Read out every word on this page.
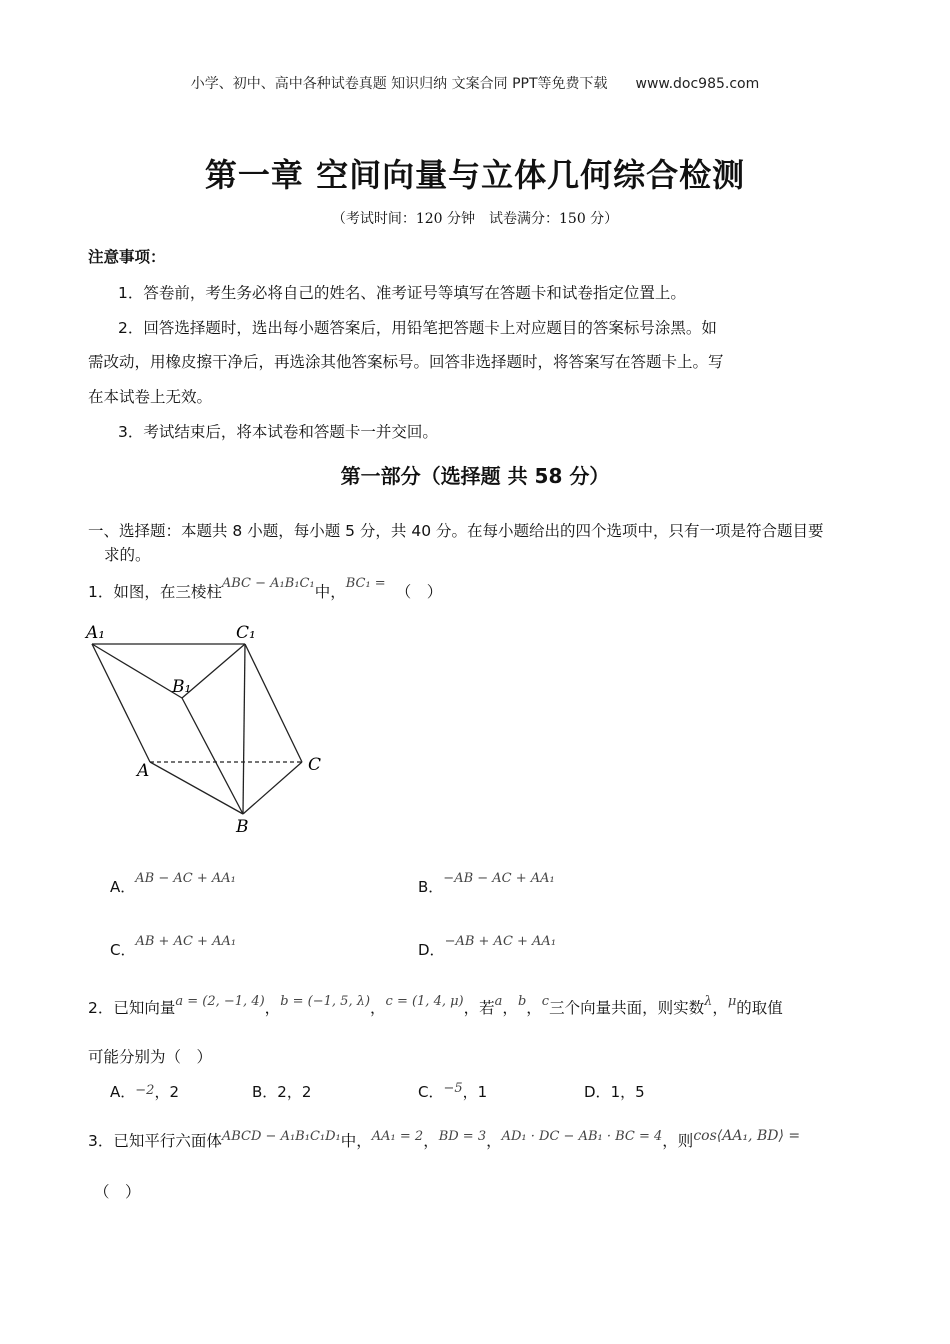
小学、初中、高中各种试卷真题 知识归纳 文案合同 PPT等免费下载 www.doc985.com
第一章 空间向量与立体几何综合检测
（考试时间：120 分钟　试卷满分：150 分）
注意事项：
1．答卷前，考生务必将自己的姓名、准考证号等填写在答题卡和试卷指定位置上。
2．回答选择题时，选出每小题答案后，用铅笔把答题卡上对应题目的答案标号涂黑。如
需改动，用橡皮擦干净后，再选涂其他答案标号。回答非选择题时，将答案写在答题卡上。写
在本试卷上无效。
3．考试结束后，将本试卷和答题卡一并交回。
第一部分（选择题 共 58 分）
一、选择题：本题共 8 小题，每小题 5 分，共 40 分。在每小题给出的四个选项中，只有一项是符合题目要
求的。
1．如图，在三棱柱$^{ABC - A_1B_1C_1}$中，$^{BC_1 =}$ （　）
A₁	C₁
B₁
A
B
C
A．AB − AC + AA₁	B．−AB − AC + AA₁
C．AB + AC + AA₁	D．−AB + AC + AA₁
2．已知向量$^{a = (2, -1, 4)}$，$^{b = (-1, 5, \lambda)}$，$^{c = (1, 4, \mu)}$，若$^a$，$^b$，$^c$三个向量共面，则实数$^\lambda$，$^\mu$的取值
可能分别为（　）
A．−2，2	B．2，2	C．−5，1	D．1，5
3．已知平行六面体$^{ABCD - A_1B_1C_1D_1}$中，$^{AA_1 = 2}$，$^{BD = 3}$，$^{AD_1 \cdot DC - AB_1 \cdot BC = 4}$，则cos⟨AA₁, BD⟩ =
（　）
